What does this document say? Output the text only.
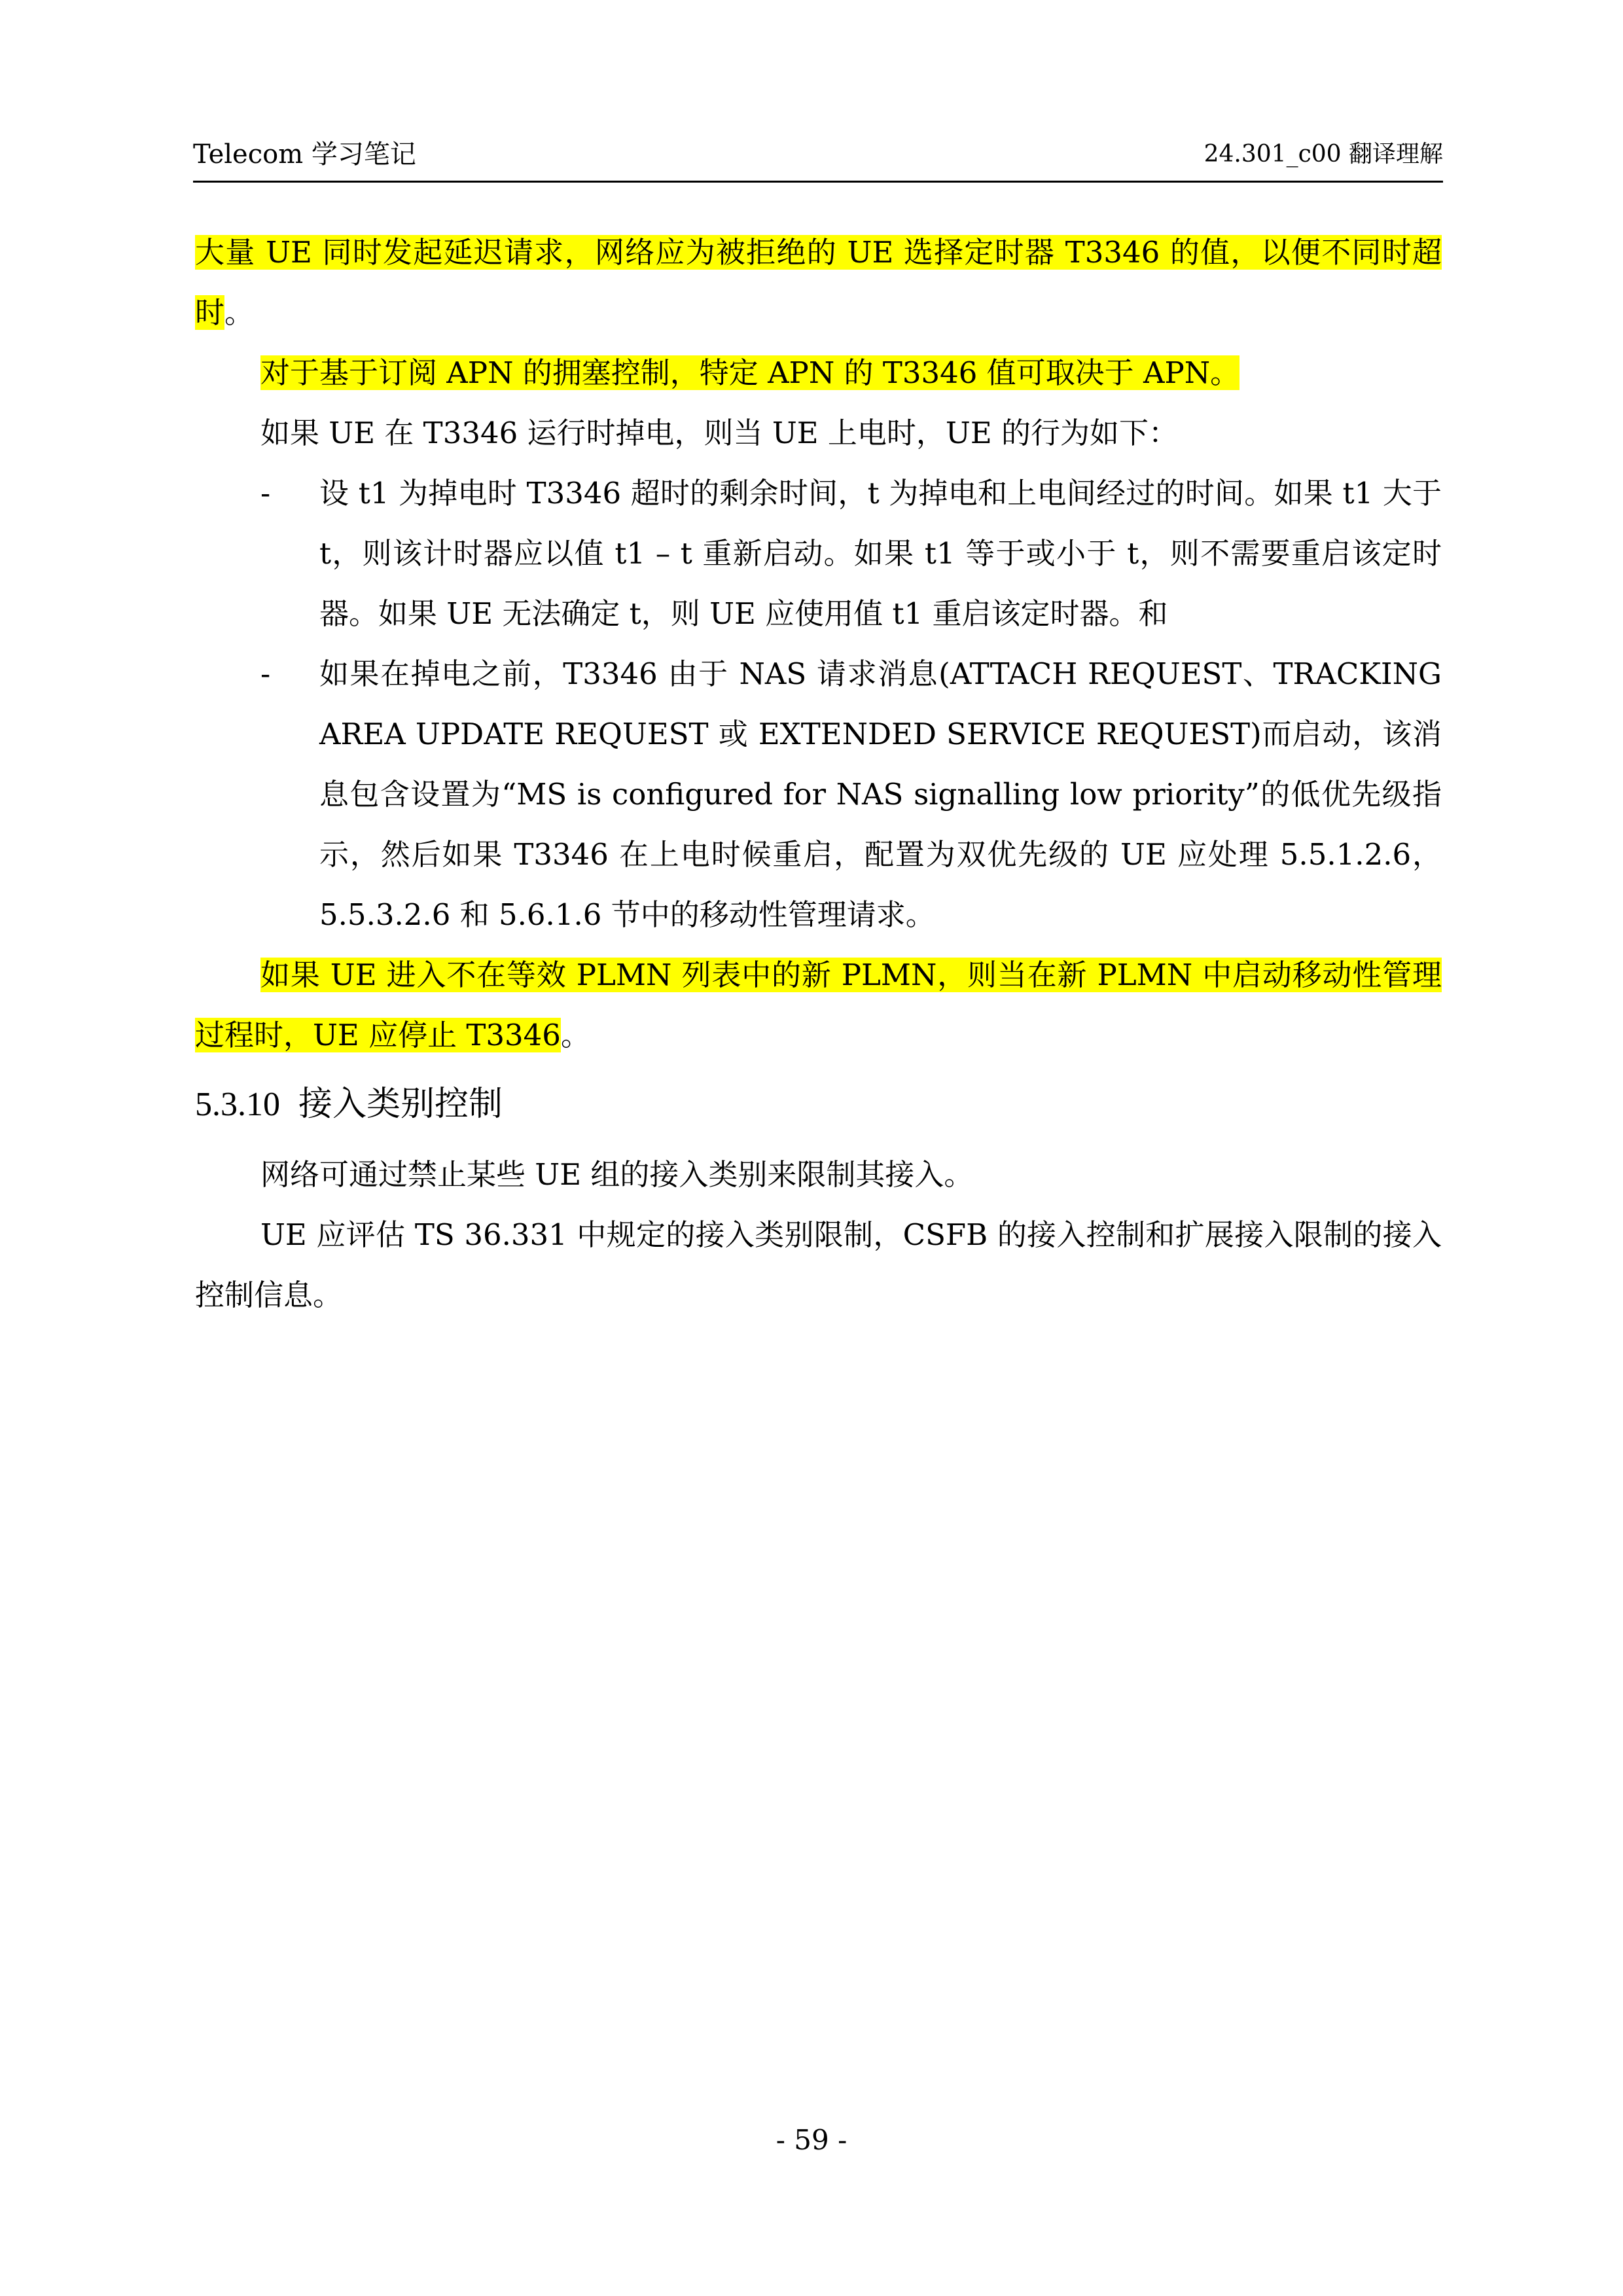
Telecom 学习笔记	24.301_c00 翻译理解

大量 UE 同时发起延迟请求，网络应为被拒绝的 UE 选择定时器 T3346 的值，以便不同时超时。

对于基于订阅 APN 的拥塞控制，特定 APN 的 T3346 值可取决于 APN。

如果 UE 在 T3346 运行时掉电，则当 UE 上电时，UE 的行为如下：

- 设 t1 为掉电时 T3346 超时的剩余时间，t 为掉电和上电间经过的时间。如果 t1 大于 t，则该计时器应以值 t1 – t 重新启动。如果 t1 等于或小于 t，则不需要重启该定时器。如果 UE 无法确定 t，则 UE 应使用值 t1 重启该定时器。和

- 如果在掉电之前，T3346 由于 NAS 请求消息(ATTACH REQUEST、TRACKING AREA UPDATE REQUEST 或 EXTENDED SERVICE REQUEST)而启动，该消息包含设置为“MS is configured for NAS signalling low priority”的低优先级指示，然后如果 T3346 在上电时候重启，配置为双优先级的 UE 应处理 5.5.1.2.6，5.5.3.2.6 和 5.6.1.6 节中的移动性管理请求。

如果 UE 进入不在等效 PLMN 列表中的新 PLMN，则当在新 PLMN 中启动移动性管理过程时，UE 应停止 T3346。

5.3.10 接入类别控制

网络可通过禁止某些 UE 组的接入类别来限制其接入。

UE 应评估 TS 36.331 中规定的接入类别限制，CSFB 的接入控制和扩展接入限制的接入控制信息。

- 59 -
